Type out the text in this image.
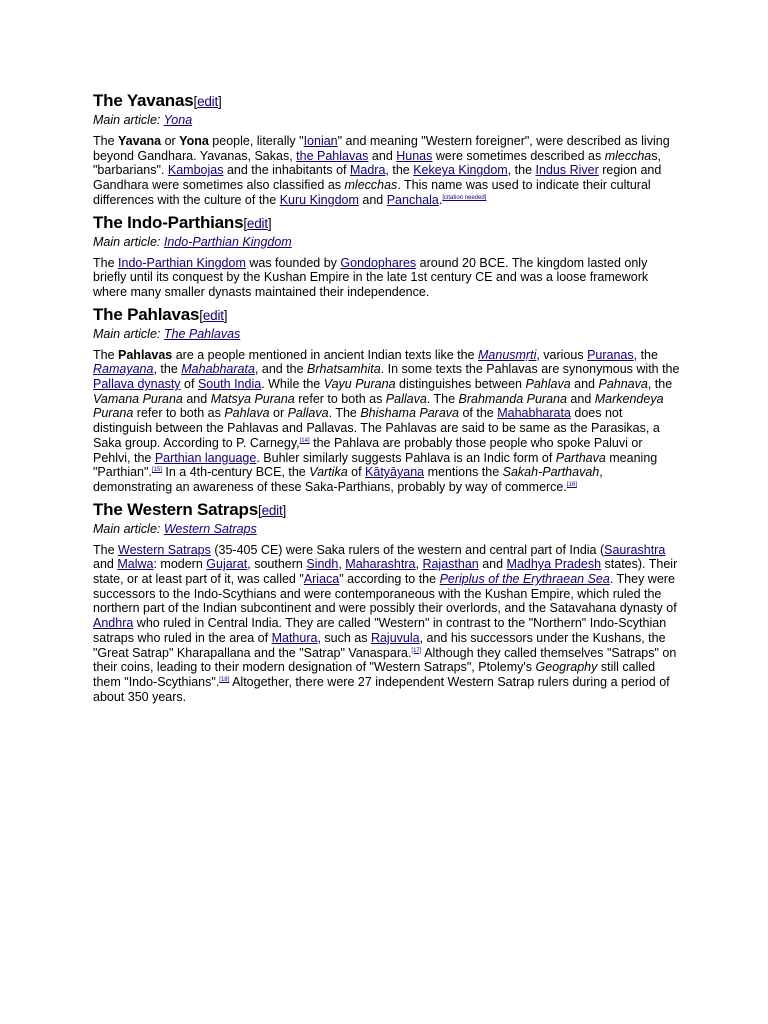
The Yavanas[edit]
Main article: Yona

The Yavana or Yona people, literally "Ionian" and meaning "Western foreigner", were described as living beyond Gandhara. Yavanas, Sakas, the Pahlavas and Hunas were sometimes described as mlecchas, "barbarians". Kambojas and the inhabitants of Madra, the Kekeya Kingdom, the Indus River region and Gandhara were sometimes also classified as mlecchas. This name was used to indicate their cultural differences with the culture of the Kuru Kingdom and Panchala.[citation needed]

The Indo-Parthians[edit]
Main article: Indo-Parthian Kingdom

The Indo-Parthian Kingdom was founded by Gondophares around 20 BCE. The kingdom lasted only briefly until its conquest by the Kushan Empire in the late 1st century CE and was a loose framework where many smaller dynasts maintained their independence.

The Pahlavas[edit]
Main article: The Pahlavas

The Pahlavas are a people mentioned in ancient Indian texts like the Manusmṛti, various Puranas, the Ramayana, the Mahabharata, and the Brhatsamhita. In some texts the Pahlavas are synonymous with the Pallava dynasty of South India. While the Vayu Purana distinguishes between Pahlava and Pahnava, the Vamana Purana and Matsya Purana refer to both as Pallava. The Brahmanda Purana and Markendeya Purana refer to both as Pahlava or Pallava. The Bhishama Parava of the Mahabharata does not distinguish between the Pahlavas and Pallavas. The Pahlavas are said to be same as the Parasikas, a Saka group. According to P. Carnegy,[14] the Pahlava are probably those people who spoke Paluvi or Pehlvi, the Parthian language. Buhler similarly suggests Pahlava is an Indic form of Parthava meaning "Parthian".[15] In a 4th-century BCE, the Vartika of Kātyāyana mentions the Sakah-Parthavah, demonstrating an awareness of these Saka-Parthians, probably by way of commerce.[16]

The Western Satraps[edit]
Main article: Western Satraps

The Western Satraps (35-405 CE) were Saka rulers of the western and central part of India (Saurashtra and Malwa: modern Gujarat, southern Sindh, Maharashtra, Rajasthan and Madhya Pradesh states). Their state, or at least part of it, was called "Ariaca" according to the Periplus of the Erythraean Sea. They were successors to the Indo-Scythians and were contemporaneous with the Kushan Empire, which ruled the northern part of the Indian subcontinent and were possibly their overlords, and the Satavahana dynasty of Andhra who ruled in Central India. They are called "Western" in contrast to the "Northern" Indo-Scythian satraps who ruled in the area of Mathura, such as Rajuvula, and his successors under the Kushans, the "Great Satrap" Kharapallana and the "Satrap" Vanaspara.[17] Although they called themselves "Satraps" on their coins, leading to their modern designation of "Western Satraps", Ptolemy's Geography still called them "Indo-Scythians".[18] Altogether, there were 27 independent Western Satrap rulers during a period of about 350 years.
